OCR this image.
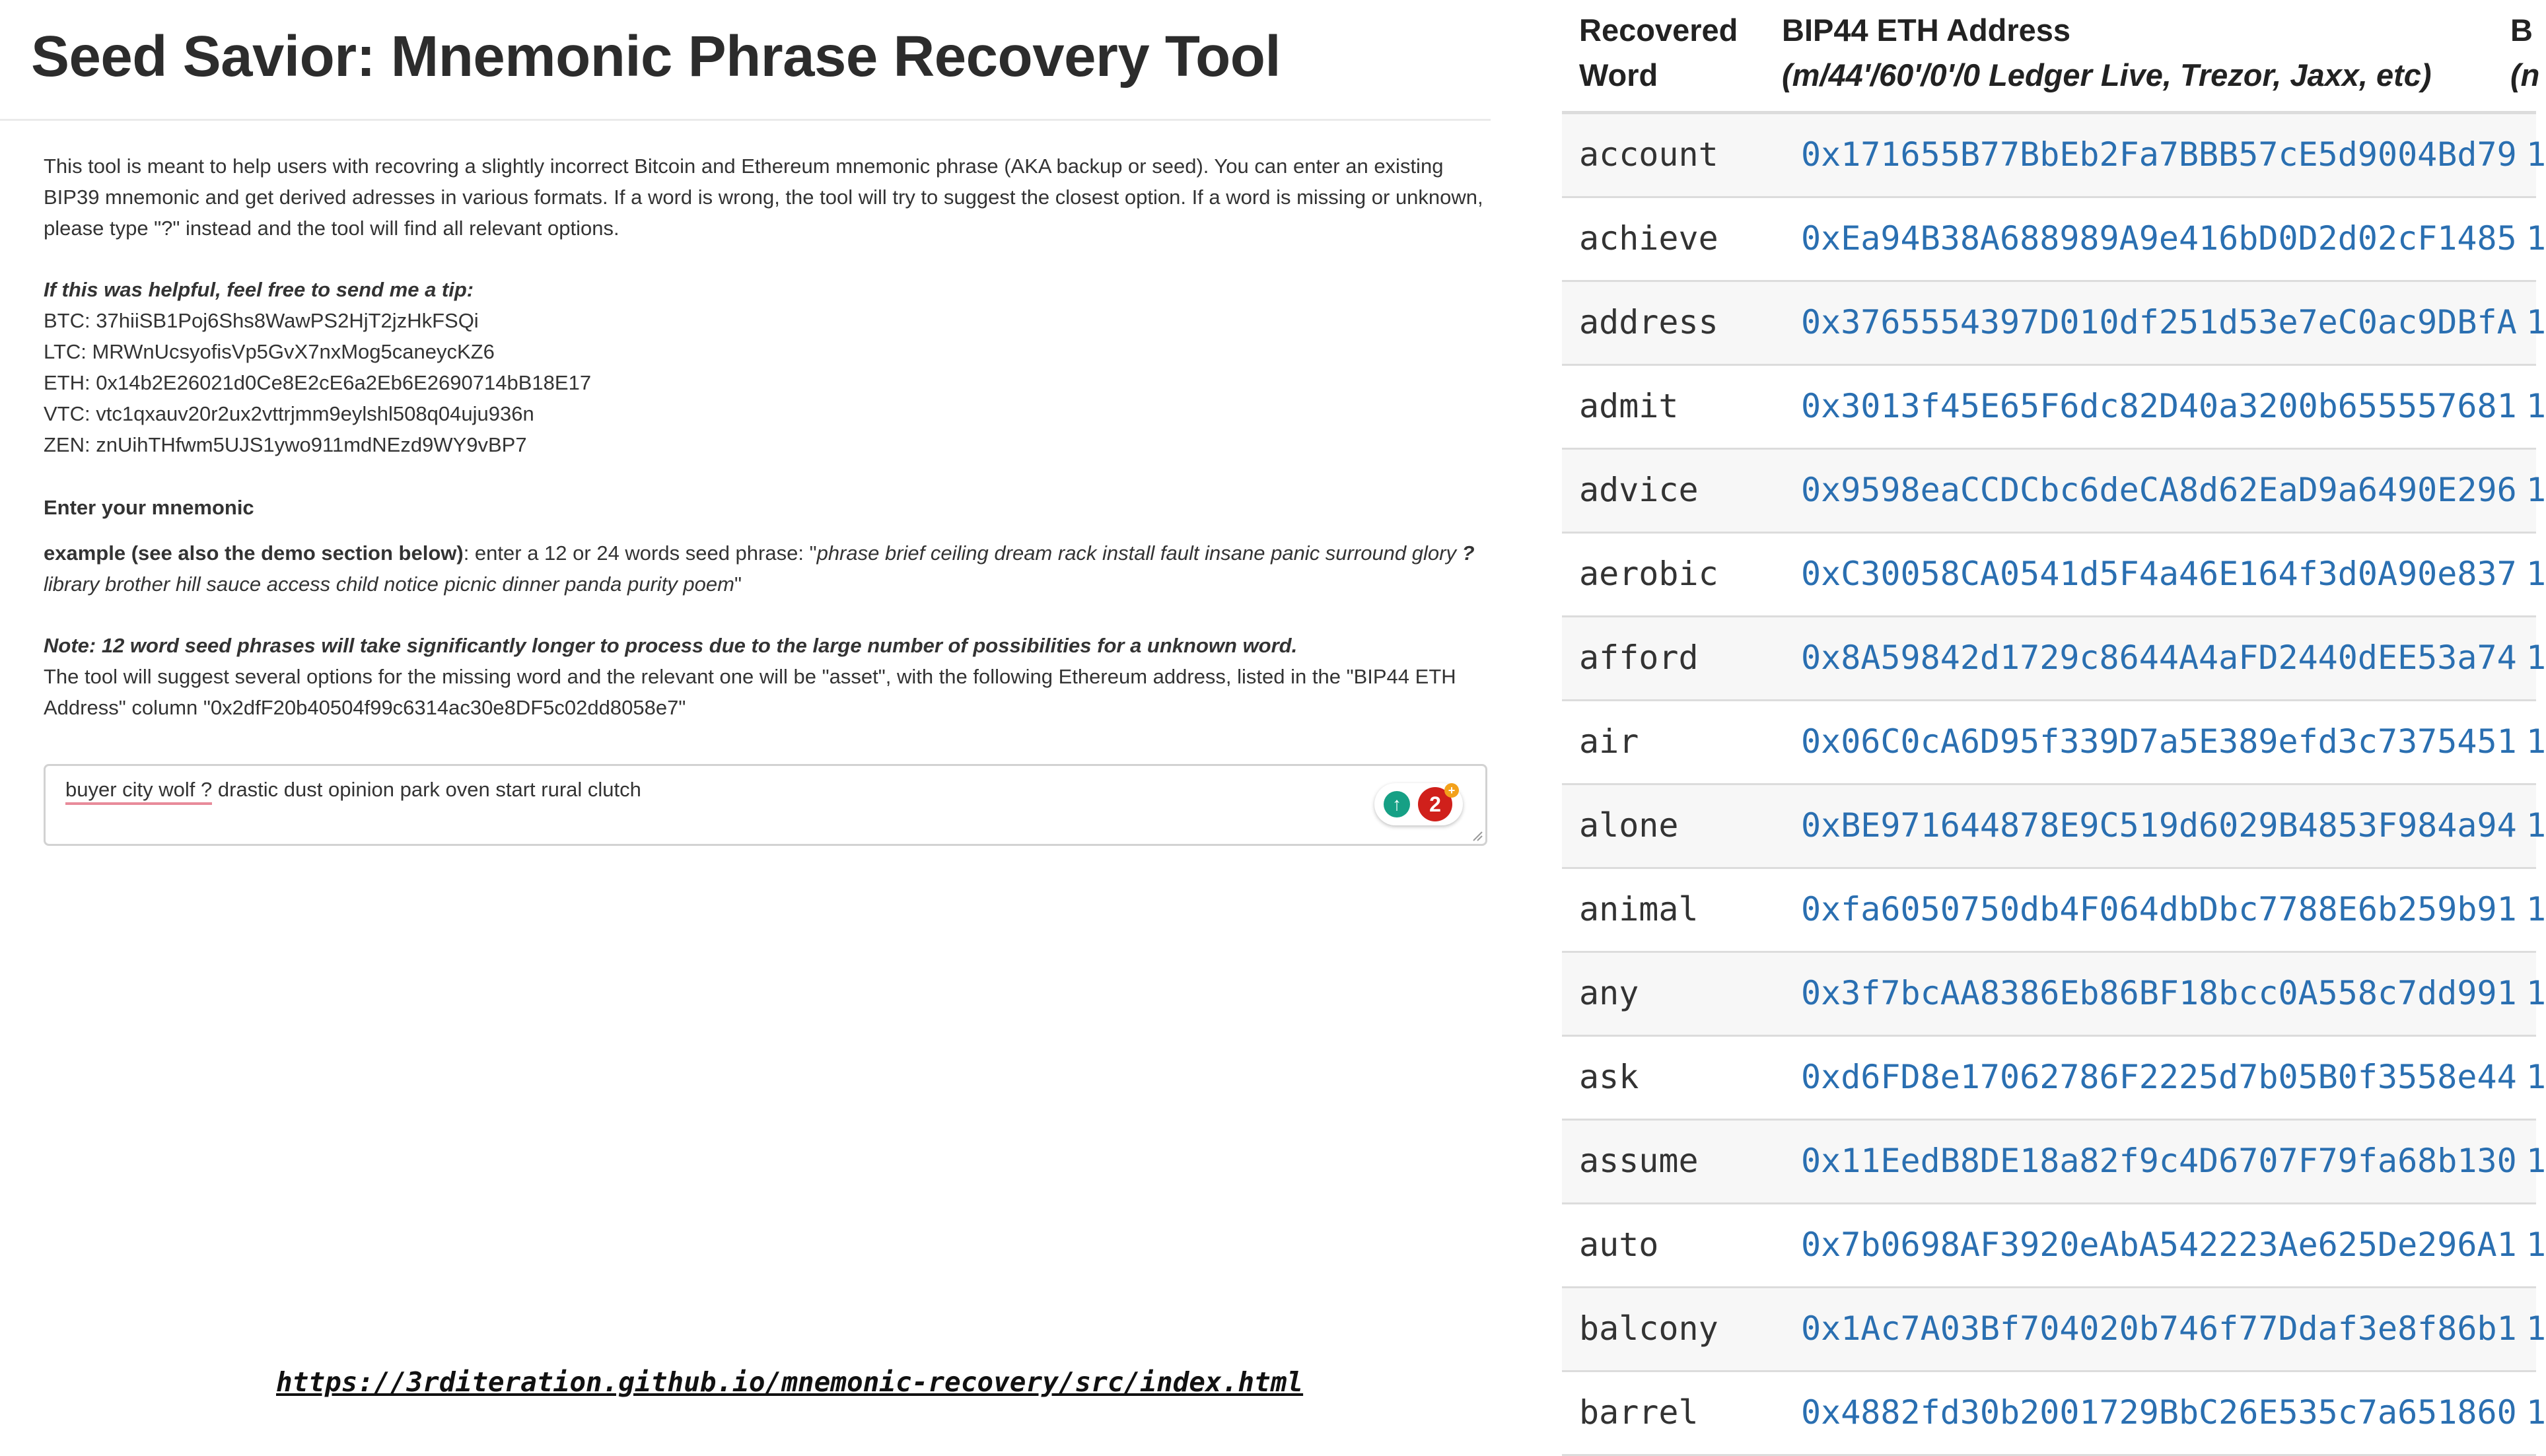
Seed Savior: Mnemonic Phrase Recovery Tool

This tool is meant to help users with recovring a slightly incorrect Bitcoin and Ethereum mnemonic phrase (AKA backup or seed). You can enter an existing BIP39 mnemonic and get derived adresses in various formats. If a word is wrong, the tool will try to suggest the closest option. If a word is missing or unknown, please type "?" instead and the tool will find all relevant options.

If this was helpful, feel free to send me a tip:

BTC: 37hiiSB1Poj6Shs8WawPS2HjT2jzHkFSQi

LTC: MRWnUcsyofisVp5GvX7nxMog5caneycKZ6

ETH: 0x14b2E26021d0Ce8E2cE6a2Eb6E2690714bB18E17

VTC: vtc1qxauv20r2ux2vttrjmm9eylshl508q04uju936n

ZEN: znUihTHfwm5UJS1ywo911mdNEzd9WY9vBP7

Enter your mnemonic

example (see also the demo section below): enter a 12 or 24 words seed phrase: "phrase brief ceiling dream rack install fault insane panic surround glory ? library brother hill sauce access child notice picnic dinner panda purity poem"

Note: 12 word seed phrases will take significantly longer to process due to the large number of possibilities for a unknown word.

The tool will suggest several options for the missing word and the relevant one will be "asset", with the following Ethereum address, listed in the "BIP44 ETH Address" column "0x2dfF20b40504f99c6314ac30e8DF5c02dd8058e7"

buyer city wolf ? drastic dust opinion park oven start rural clutch
↑	2
+
https://3rditeration.github.io/mnemonic-recovery/src/index.html
Recovered
Word
BIP44 ETH Address
(m/44'/60'/0'/0 Ledger Live, Trezor, Jaxx, etc)
B
(n
account	0x171655B77BbEb2Fa7BBB57cE5d9004Bd79 1
achieve	0xEa94B38A688989A9e416bD0D2d02cF1485 1
address	0x3765554397D010df251d53e7eC0ac9DBfA 1
admit	0x3013f45E65F6dc82D40a3200b655557681 1
advice	0x9598eaCCDCbc6deCA8d62EaD9a6490E296 1
aerobic	0xC30058CA0541d5F4a46E164f3d0A90e837 1
afford	0x8A59842d1729c8644A4aFD2440dEE53a74 1
air	0x06C0cA6D95f339D7a5E389efd3c7375451 1
alone	0xBE971644878E9C519d6029B4853F984a94 1
animal	0xfa6050750db4F064dbDbc7788E6b259b91 1
any	0x3f7bcAA8386Eb86BF18bcc0A558c7dd991 1
ask	0xd6FD8e17062786F2225d7b05B0f3558e44 1
assume	0x11EedB8DE18a82f9c4D6707F79fa68b130 1
auto	0x7b0698AF3920eAbA542223Ae625De296A1 1
balcony	0x1Ac7A03Bf704020b746f77Ddaf3e8f86b1 1
barrel	0x4882fd30b2001729BbC26E535c7a651860 1
